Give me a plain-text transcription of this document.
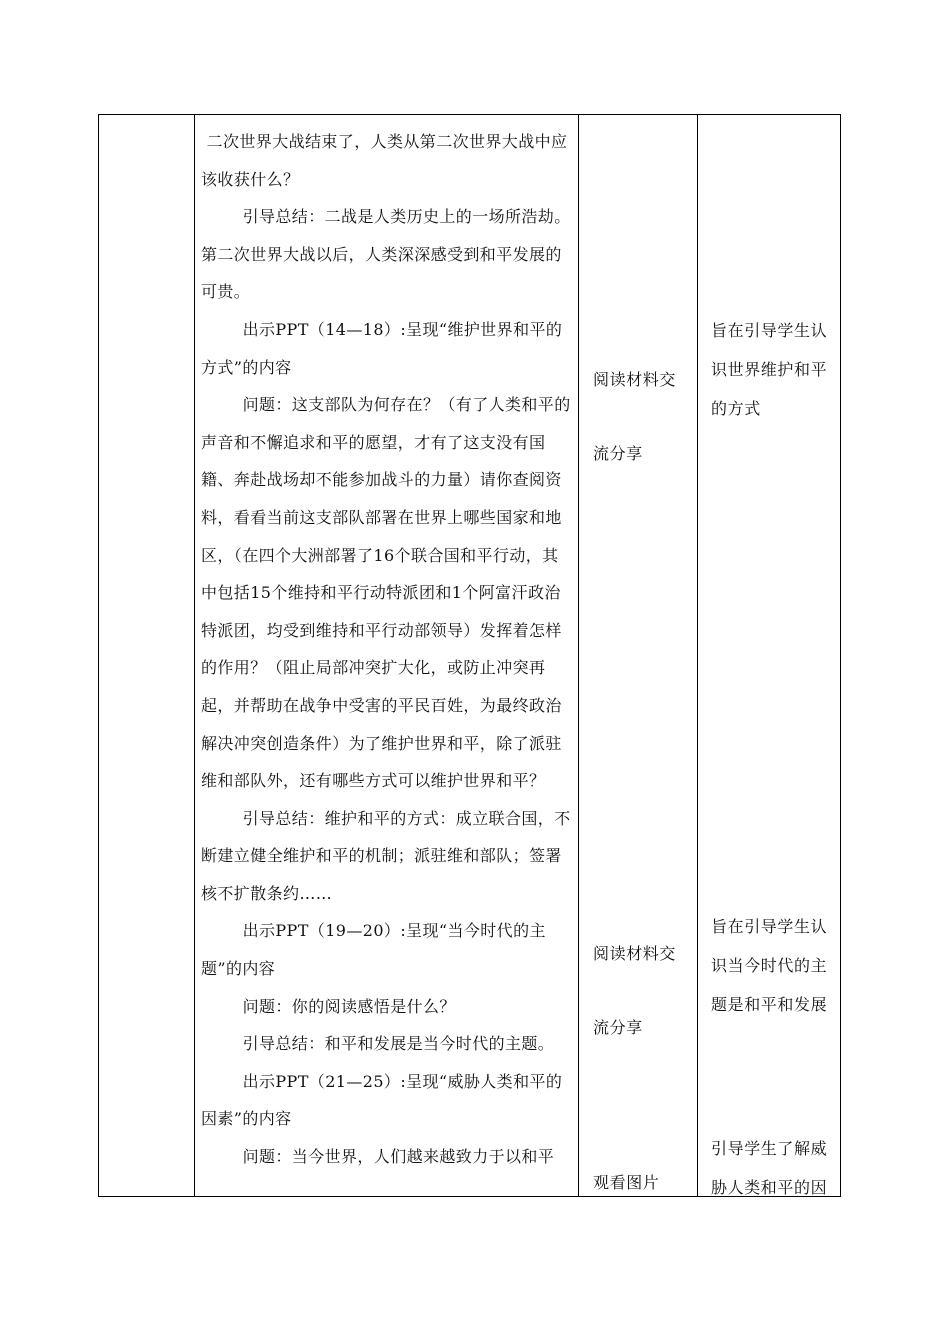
二次世界大战结束了，人类从第二次世界大战中应该收获什么？

引导总结：二战是人类历史上的一场所浩劫。第二次世界大战以后，人类深深感受到和平发展的可贵。

出示PPT（14—18）:呈现“维护世界和平的方式”的内容

问题：这支部队为何存在？（有了人类和平的声音和不懈追求和平的愿望，才有了这支没有国籍、奔赴战场却不能参加战斗的力量）请你查阅资料，看看当前这支部队部署在世界上哪些国家和地区，（在四个大洲部署了16个联合国和平行动，其中包括15个维持和平行动特派团和1个阿富汗政治特派团，均受到维持和平行动部领导）发挥着怎样的作用？（阻止局部冲突扩大化，或防止冲突再起，并帮助在战争中受害的平民百姓，为最终政治解决冲突创造条件）为了维护世界和平，除了派驻维和部队外，还有哪些方式可以维护世界和平？

引导总结：维护和平的方式：成立联合国，不断建立健全维护和平的机制；派驻维和部队；签署核不扩散条约……

出示PPT（19—20）:呈现“当今时代的主题”的内容

问题：你的阅读感悟是什么？

引导总结：和平和发展是当今时代的主题。

出示PPT（21—25）:呈现“威胁人类和平的因素”的内容

问题：当今世界，人们越来越致力于以和平

阅读材料交流分享
旨在引导学生认识世界维护和平的方式
阅读材料交流分享
旨在引导学生认识当今时代的主题是和平和发展
观看图片
引导学生了解威胁人类和平的因
